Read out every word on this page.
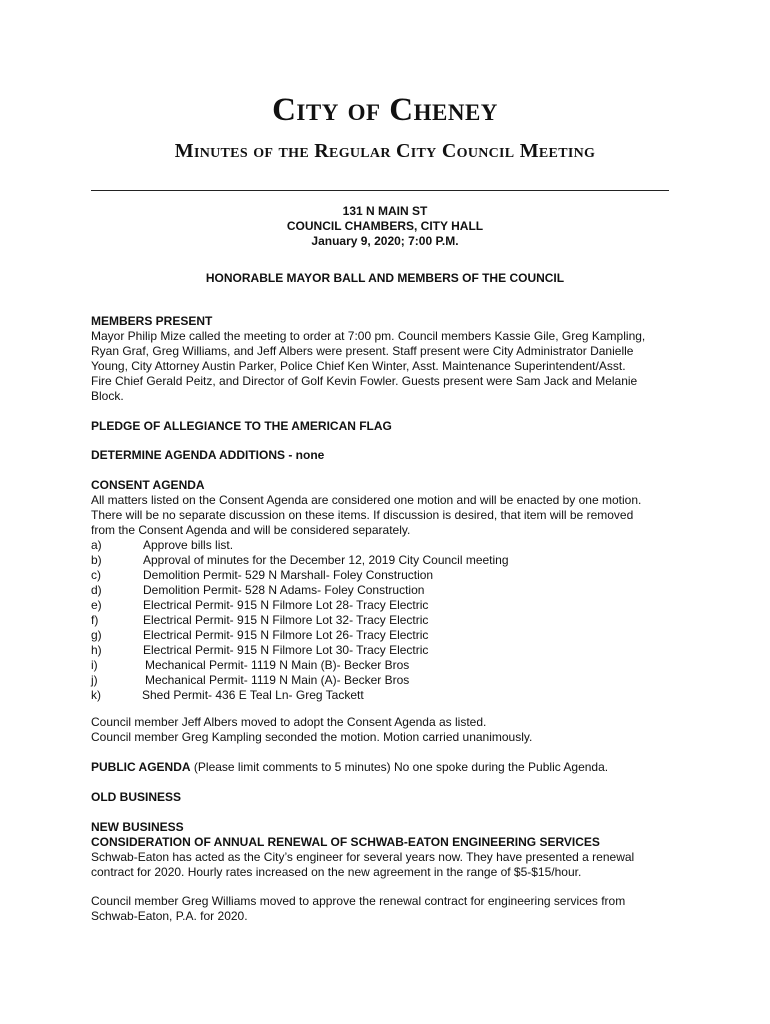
City of Cheney
Minutes of the Regular City Council Meeting
131 N MAIN ST
COUNCIL CHAMBERS, CITY HALL
January 9, 2020; 7:00 P.M.
HONORABLE MAYOR BALL AND MEMBERS OF THE COUNCIL
MEMBERS PRESENT
Mayor Philip Mize called the meeting to order at 7:00 pm. Council members Kassie Gile, Greg Kampling,
Ryan Graf, Greg Williams, and Jeff Albers were present. Staff present were City Administrator Danielle
Young, City Attorney Austin Parker, Police Chief Ken Winter, Asst. Maintenance Superintendent/Asst.
Fire Chief Gerald Peitz, and Director of Golf Kevin Fowler. Guests present were Sam Jack and Melanie
Block.
PLEDGE OF ALLEGIANCE TO THE AMERICAN FLAG
DETERMINE AGENDA ADDITIONS - none
CONSENT AGENDA
All matters listed on the Consent Agenda are considered one motion and will be enacted by one motion.
There will be no separate discussion on these items. If discussion is desired, that item will be removed
from the Consent Agenda and will be considered separately.
a)	Approve bills list.
b)	Approval of minutes for the December 12, 2019 City Council meeting
c)	Demolition Permit- 529 N Marshall- Foley Construction
d)	Demolition Permit- 528 N Adams- Foley Construction
e)	Electrical Permit- 915 N Filmore Lot 28- Tracy Electric
f)	Electrical Permit- 915 N Filmore Lot 32- Tracy Electric
g)	Electrical Permit- 915 N Filmore Lot 26- Tracy Electric
h)	Electrical Permit- 915 N Filmore Lot 30- Tracy Electric
i)	Mechanical Permit- 1119 N Main (B)- Becker Bros
j)	Mechanical Permit- 1119 N Main (A)- Becker Bros
k)	Shed Permit- 436 E Teal Ln- Greg Tackett
Council member Jeff Albers moved to adopt the Consent Agenda as listed.
Council member Greg Kampling seconded the motion. Motion carried unanimously.
PUBLIC AGENDA (Please limit comments to 5 minutes) No one spoke during the Public Agenda.
OLD BUSINESS
NEW BUSINESS
CONSIDERATION OF ANNUAL RENEWAL OF SCHWAB-EATON ENGINEERING SERVICES
Schwab-Eaton has acted as the City’s engineer for several years now. They have presented a renewal
contract for 2020. Hourly rates increased on the new agreement in the range of $5-$15/hour.
Council member Greg Williams moved to approve the renewal contract for engineering services from
Schwab-Eaton, P.A. for 2020.
